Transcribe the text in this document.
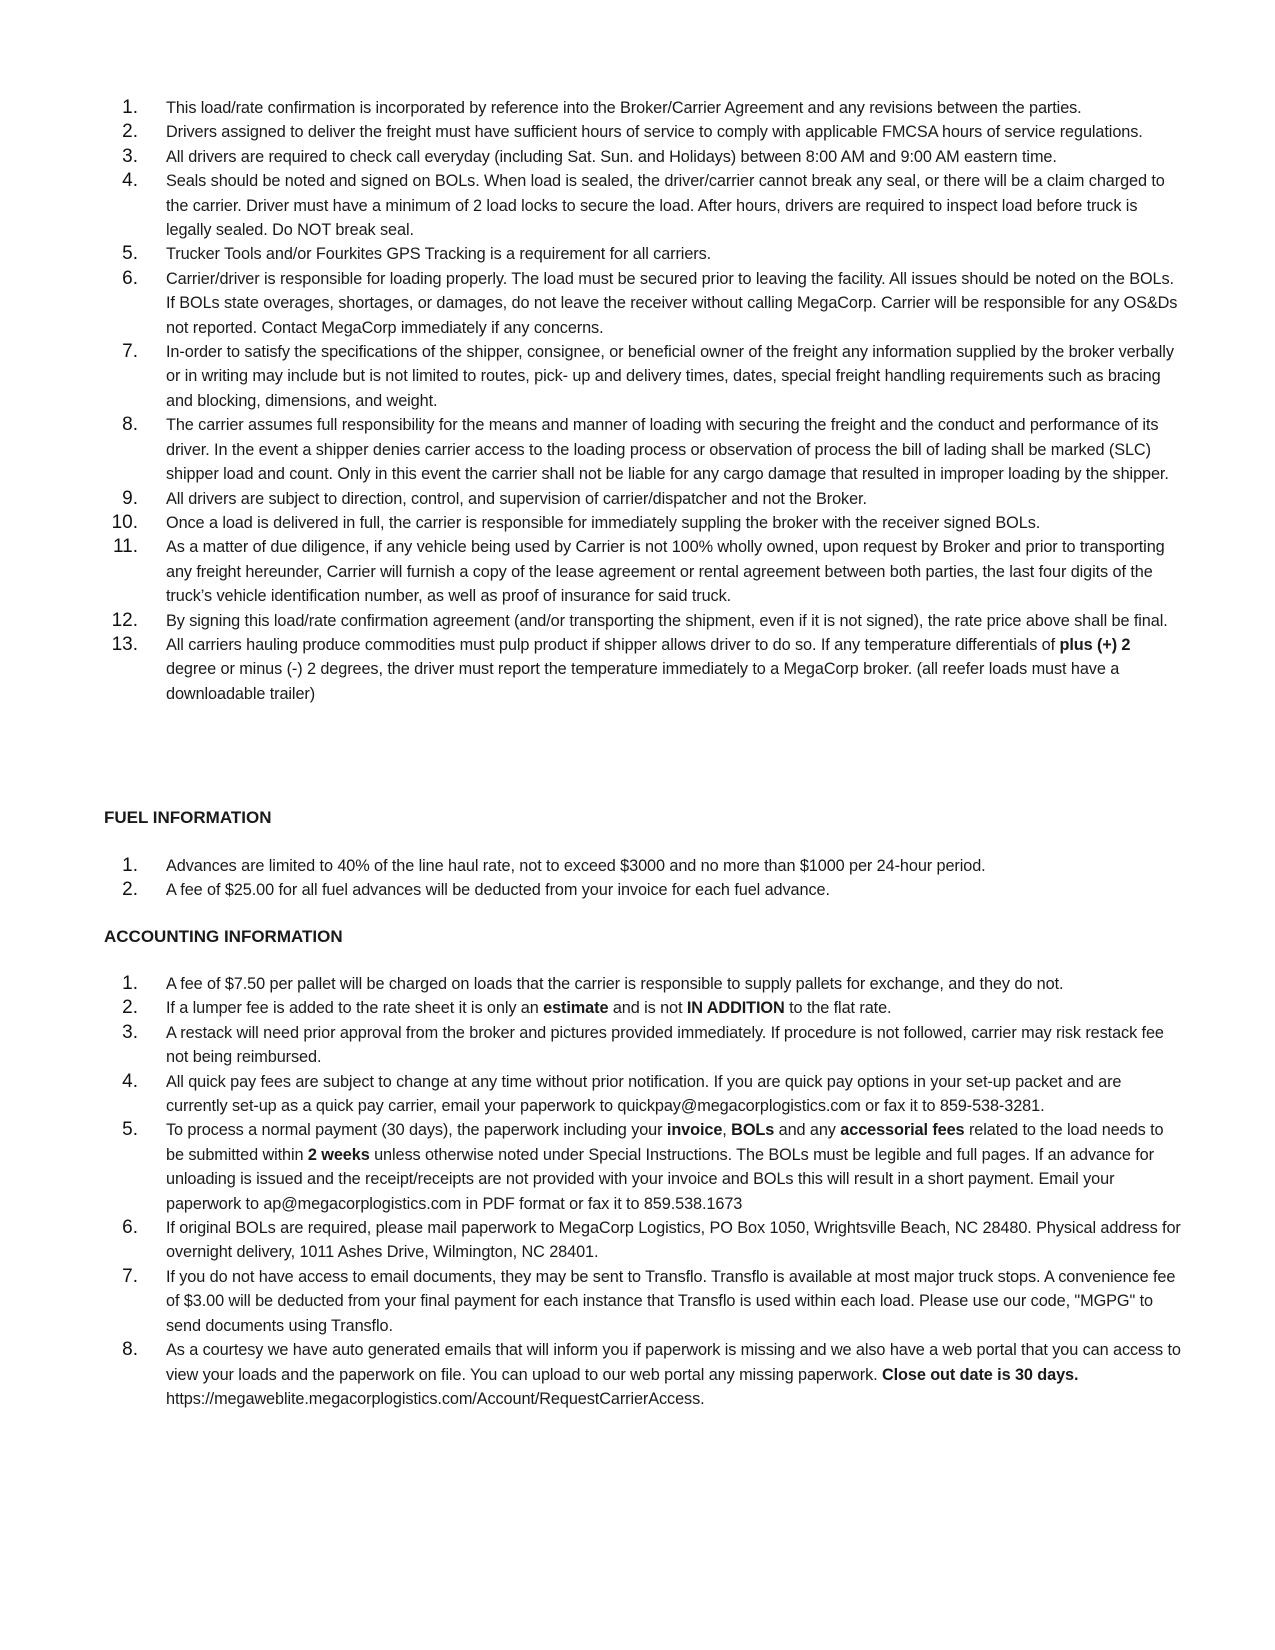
1. This load/rate confirmation is incorporated by reference into the Broker/Carrier Agreement and any revisions between the parties.
2. Drivers assigned to deliver the freight must have sufficient hours of service to comply with applicable FMCSA hours of service regulations.
3. All drivers are required to check call everyday (including Sat. Sun. and Holidays) between 8:00 AM and 9:00 AM eastern time.
4. Seals should be noted and signed on BOLs. When load is sealed, the driver/carrier cannot break any seal, or there will be a claim charged to the carrier. Driver must have a minimum of 2 load locks to secure the load. After hours, drivers are required to inspect load before truck is legally sealed. Do NOT break seal.
5. Trucker Tools and/or Fourkites GPS Tracking is a requirement for all carriers.
6. Carrier/driver is responsible for loading properly. The load must be secured prior to leaving the facility. All issues should be noted on the BOLs. If BOLs state overages, shortages, or damages, do not leave the receiver without calling MegaCorp. Carrier will be responsible for any OS&Ds not reported. Contact MegaCorp immediately if any concerns.
7. In-order to satisfy the specifications of the shipper, consignee, or beneficial owner of the freight any information supplied by the broker verbally or in writing may include but is not limited to routes, pick- up and delivery times, dates, special freight handling requirements such as bracing and blocking, dimensions, and weight.
8. The carrier assumes full responsibility for the means and manner of loading with securing the freight and the conduct and performance of its driver. In the event a shipper denies carrier access to the loading process or observation of process the bill of lading shall be marked (SLC) shipper load and count. Only in this event the carrier shall not be liable for any cargo damage that resulted in improper loading by the shipper.
9. All drivers are subject to direction, control, and supervision of carrier/dispatcher and not the Broker.
10. Once a load is delivered in full, the carrier is responsible for immediately suppling the broker with the receiver signed BOLs.
11. As a matter of due diligence, if any vehicle being used by Carrier is not 100% wholly owned, upon request by Broker and prior to transporting any freight hereunder, Carrier will furnish a copy of the lease agreement or rental agreement between both parties, the last four digits of the truck’s vehicle identification number, as well as proof of insurance for said truck.
12. By signing this load/rate confirmation agreement (and/or transporting the shipment, even if it is not signed), the rate price above shall be final.
13. All carriers hauling produce commodities must pulp product if shipper allows driver to do so. If any temperature differentials of plus (+) 2 degree or minus (-) 2 degrees, the driver must report the temperature immediately to a MegaCorp broker. (all reefer loads must have a downloadable trailer)
FUEL INFORMATION
1. Advances are limited to 40% of the line haul rate, not to exceed $3000 and no more than $1000 per 24-hour period.
2. A fee of $25.00 for all fuel advances will be deducted from your invoice for each fuel advance.
ACCOUNTING INFORMATION
1. A fee of $7.50 per pallet will be charged on loads that the carrier is responsible to supply pallets for exchange, and they do not.
2. If a lumper fee is added to the rate sheet it is only an estimate and is not IN ADDITION to the flat rate.
3. A restack will need prior approval from the broker and pictures provided immediately. If procedure is not followed, carrier may risk restack fee not being reimbursed.
4. All quick pay fees are subject to change at any time without prior notification. If you are quick pay options in your set-up packet and are currently set-up as a quick pay carrier, email your paperwork to quickpay@megacorplogistics.com or fax it to 859-538-3281.
5. To process a normal payment (30 days), the paperwork including your invoice, BOLs and any accessorial fees related to the load needs to be submitted within 2 weeks unless otherwise noted under Special Instructions. The BOLs must be legible and full pages. If an advance for unloading is issued and the receipt/receipts are not provided with your invoice and BOLs this will result in a short payment. Email your paperwork to ap@megacorplogistics.com in PDF format or fax it to 859.538.1673
6. If original BOLs are required, please mail paperwork to MegaCorp Logistics, PO Box 1050, Wrightsville Beach, NC 28480. Physical address for overnight delivery, 1011 Ashes Drive, Wilmington, NC 28401.
7. If you do not have access to email documents, they may be sent to Transflo. Transflo is available at most major truck stops. A convenience fee of $3.00 will be deducted from your final payment for each instance that Transflo is used within each load. Please use our code, "MGPG" to send documents using Transflo.
8. As a courtesy we have auto generated emails that will inform you if paperwork is missing and we also have a web portal that you can access to view your loads and the paperwork on file. You can upload to our web portal any missing paperwork. Close out date is 30 days. https://megaweblite.megacorplogistics.com/Account/RequestCarrierAccess.
